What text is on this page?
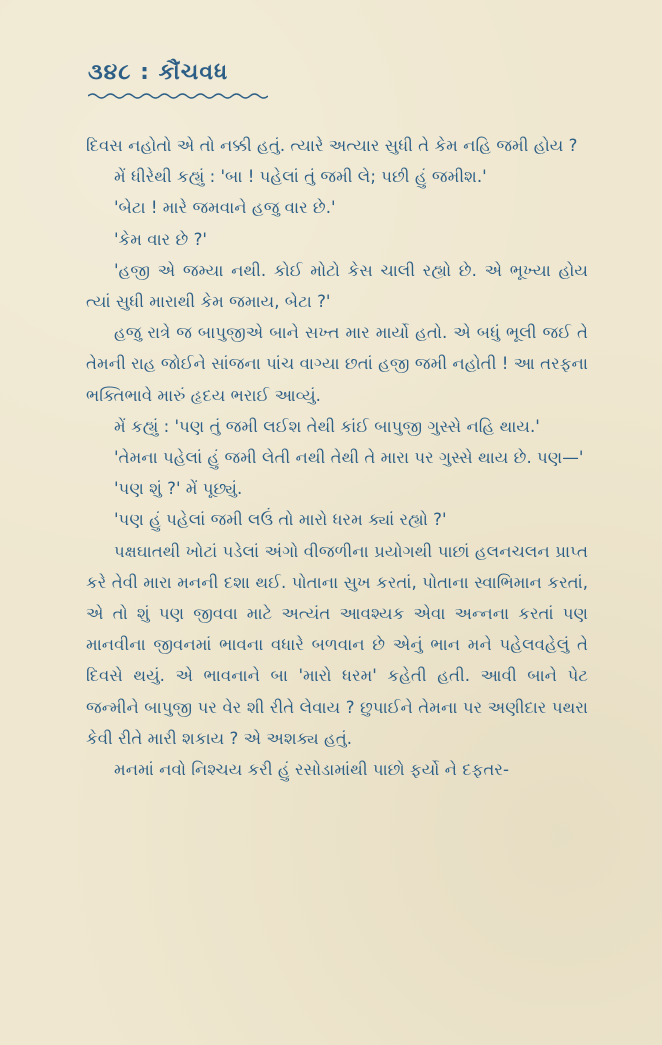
૩૪૮ : કૌંચવધ

દિવસ નહોતો એ તો નક્કી હતું. ત્યારે અત્યાર સુધી તે કેમ નહિ જમી હોય ?

મેં ધીરેથી કહ્યું : 'બા ! પહેલાં તું જમી લે; પછી હું જમીશ.'

'બેટા ! મારે જમવાને હજુ વાર છે.'

'કેમ વાર છે ?'

'હજી એ જમ્યા નથી. કોઈ મોટો કેસ ચાલી રહ્યો છે. એ ભૂખ્યા હોય ત્યાં સુધી મારાથી કેમ જમાય, બેટા ?'

હજુ રાત્રે જ બાપુજીએ બાને સખ્ત માર માર્યો હતો. એ બધું ભૂલી જઈ તે તેમની રાહ જોઈને સાંજના પાંચ વાગ્યા છતાં હજી જમી નહોતી ! આ તરફના ભક્તિભાવે મારું હૃદય ભરાઈ આવ્યું.

મેં કહ્યું : 'પણ તું જમી લઈશ તેથી કાંઈ બાપુજી ગુસ્સે નહિ થાય.'

'તેમના પહેલાં હું જમી લેતી નથી તેથી તે મારા પર ગુસ્સે થાય છે. પણ—'

'પણ શું ?' મેં પૂછ્યું.

'પણ હું પહેલાં જમી લઉં તો મારો ધરમ ક્યાં રહ્યો ?'

પક્ષઘાતથી ખોટાં પડેલાં અંગો વીજળીના પ્રયોગથી પાછાં હલનચલન પ્રાપ્ત કરે તેવી મારા મનની દશા થઈ. પોતાના સુખ કરતાં, પોતાના સ્વાભિમાન કરતાં, એ તો શું પણ જીવવા માટે અત્યંત આવશ્યક એવા અન્નના કરતાં પણ માનવીના જીવનમાં ભાવના વધારે બળવાન છે એનું ભાન મને પહેલવહેલું તે દિવસે થયું. એ ભાવનાને બા 'મારો ધરમ' કહેતી હતી. આવી બાને પેટ જન્મીને બાપુજી પર વેર શી રીતે લેવાય ? છુપાઈને તેમના પર અણીદાર પથરા કેવી રીતે મારી શકાય ? એ અશક્ય હતું.

મનમાં નવો નિશ્ચય કરી હું રસોડામાંથી પાછો ફર્યો ને દફતર-
